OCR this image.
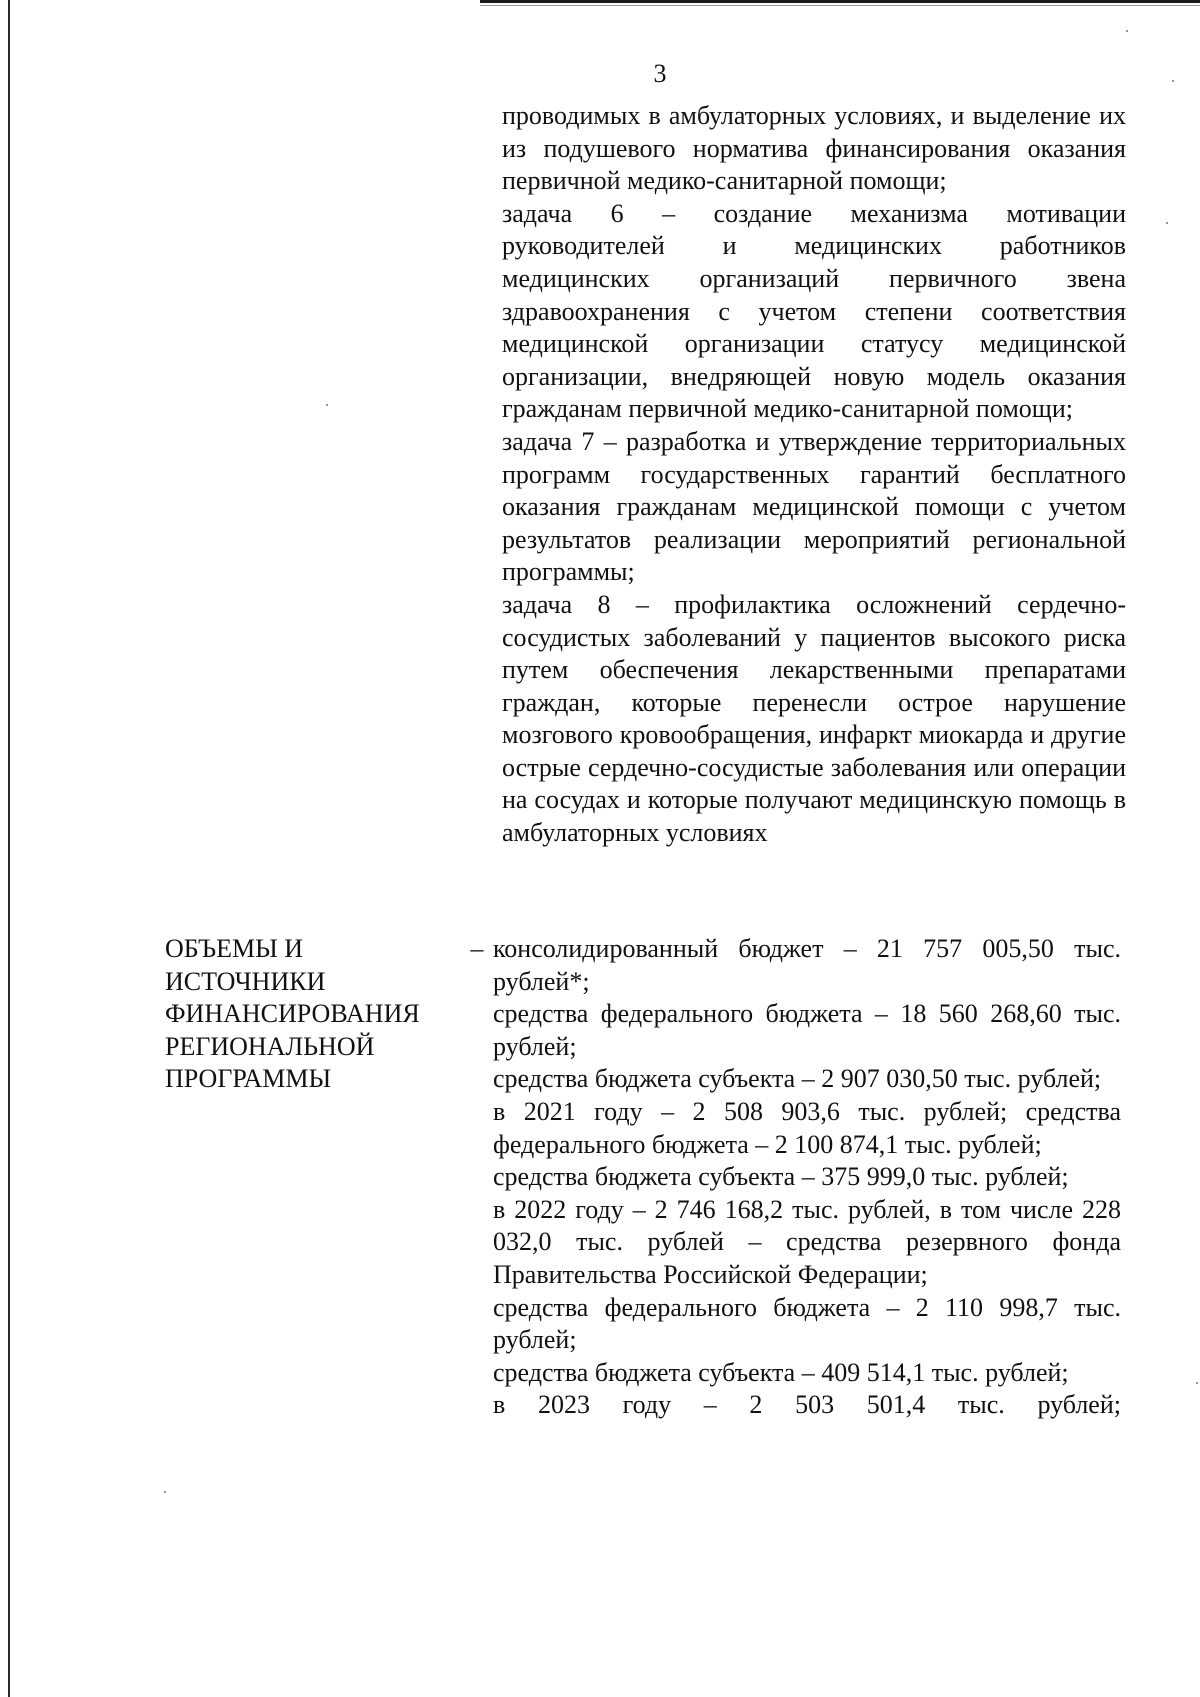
3

проводимых в амбулаторных условиях, и выделение их из подушевого норматива финансирования оказания первичной медико-санитарной помощи;

задача 6 – создание механизма мотивации руководителей и медицинских работников медицинских организаций первичного звена здравоохранения с учетом степени соответствия медицинской организации статусу медицинской организации, внедряющей новую модель оказания гражданам первичной медико-санитарной помощи;

задача 7 – разработка и утверждение территориальных программ государственных гарантий бесплатного оказания гражданам медицинской помощи с учетом результатов реализации мероприятий региональной программы;

задача 8 – профилактика осложнений сердечно-сосудистых заболеваний у пациентов высокого риска путем обеспечения лекарственными препаратами граждан, которые перенесли острое нарушение мозгового кровообращения, инфаркт миокарда и другие острые сердечно-сосудистые заболевания или операции на сосудах и которые получают медицинскую помощь в амбулаторных условиях

ОБЪЕМЫ И
ИСТОЧНИКИ
ФИНАНСИРОВАНИЯ
РЕГИОНАЛЬНОЙ
ПРОГРАММЫ
– консолидированный бюджет – 21 757 005,50 тыс. рублей*;

средства федерального бюджета – 18 560 268,60 тыс. рублей;

средства бюджета субъекта – 2 907 030,50 тыс. рублей;

в 2021 году – 2 508 903,6 тыс. рублей; средства федерального бюджета – 2 100 874,1 тыс. рублей;

средства бюджета субъекта – 375 999,0 тыс. рублей;

в 2022 году – 2 746 168,2 тыс. рублей, в том числе 228 032,0 тыс. рублей – средства резервного фонда Правительства Российской Федерации;

средства федерального бюджета – 2 110 998,7 тыс. рублей;

средства бюджета субъекта – 409 514,1 тыс. рублей;

в 2023 году – 2 503 501,4 тыс. рублей;
